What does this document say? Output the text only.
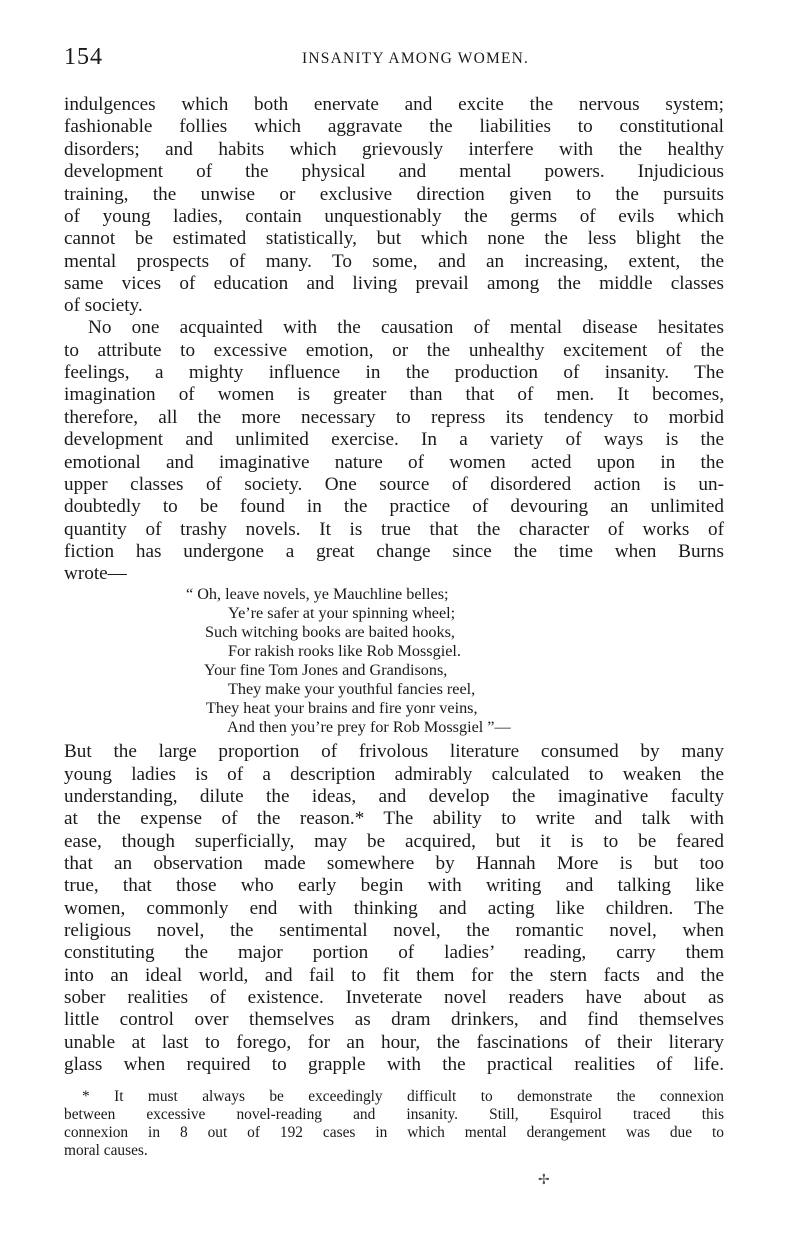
154	INSANITY AMONG WOMEN.
indulgences which both enervate and excite the nervous system;
fashionable follies which aggravate the liabilities to constitutional
disorders; and habits which grievously interfere with the healthy
development of the physical and mental powers. Injudicious
training, the unwise or exclusive direction given to the pursuits
of young ladies, contain unquestionably the germs of evils which
cannot be estimated statistically, but which none the less blight the
mental prospects of many. To some, and an increasing, extent, the
same vices of education and living prevail among the middle classes
of society.
No one acquainted with the causation of mental disease hesitates
to attribute to excessive emotion, or the unhealthy excitement of the
feelings, a mighty influence in the production of insanity. The
imagination of women is greater than that of men. It becomes,
therefore, all the more necessary to repress its tendency to morbid
development and unlimited exercise. In a variety of ways is the
emotional and imaginative nature of women acted upon in the
upper classes of society. One source of disordered action is un-
doubtedly to be found in the practice of devouring an unlimited
quantity of trashy novels. It is true that the character of works of
fiction has undergone a great change since the time when Burns
wrote—
“ Oh, leave novels, ye Mauchline belles;
Ye’re safer at your spinning wheel;
Such witching books are baited hooks,
For rakish rooks like Rob Mossgiel.
Your fine Tom Jones and Grandisons,
They make your youthful fancies reel,
They heat your brains and fire yonr veins,
And then you’re prey for Rob Mossgiel ”—
But the large proportion of frivolous literature consumed by many
young ladies is of a description admirably calculated to weaken the
understanding, dilute the ideas, and develop the imaginative faculty
at the expense of the reason.* The ability to write and talk with
ease, though superficially, may be acquired, but it is to be feared
that an observation made somewhere by Hannah More is but too
true, that those who early begin with writing and talking like
women, commonly end with thinking and acting like children. The
religious novel, the sentimental novel, the romantic novel, when
constituting the major portion of ladies’ reading, carry them
into an ideal world, and fail to fit them for the stern facts and the
sober realities of existence. Inveterate novel readers have about as
little control over themselves as dram drinkers, and find themselves
unable at last to forego, for an hour, the fascinations of their literary
glass when required to grapple with the practical realities of life.
* It must always be exceedingly difficult to demonstrate the connexion
between excessive novel-reading and insanity. Still, Esquirol traced this
connexion in 8 out of 192 cases in which mental derangement was due to
moral causes.
✢
